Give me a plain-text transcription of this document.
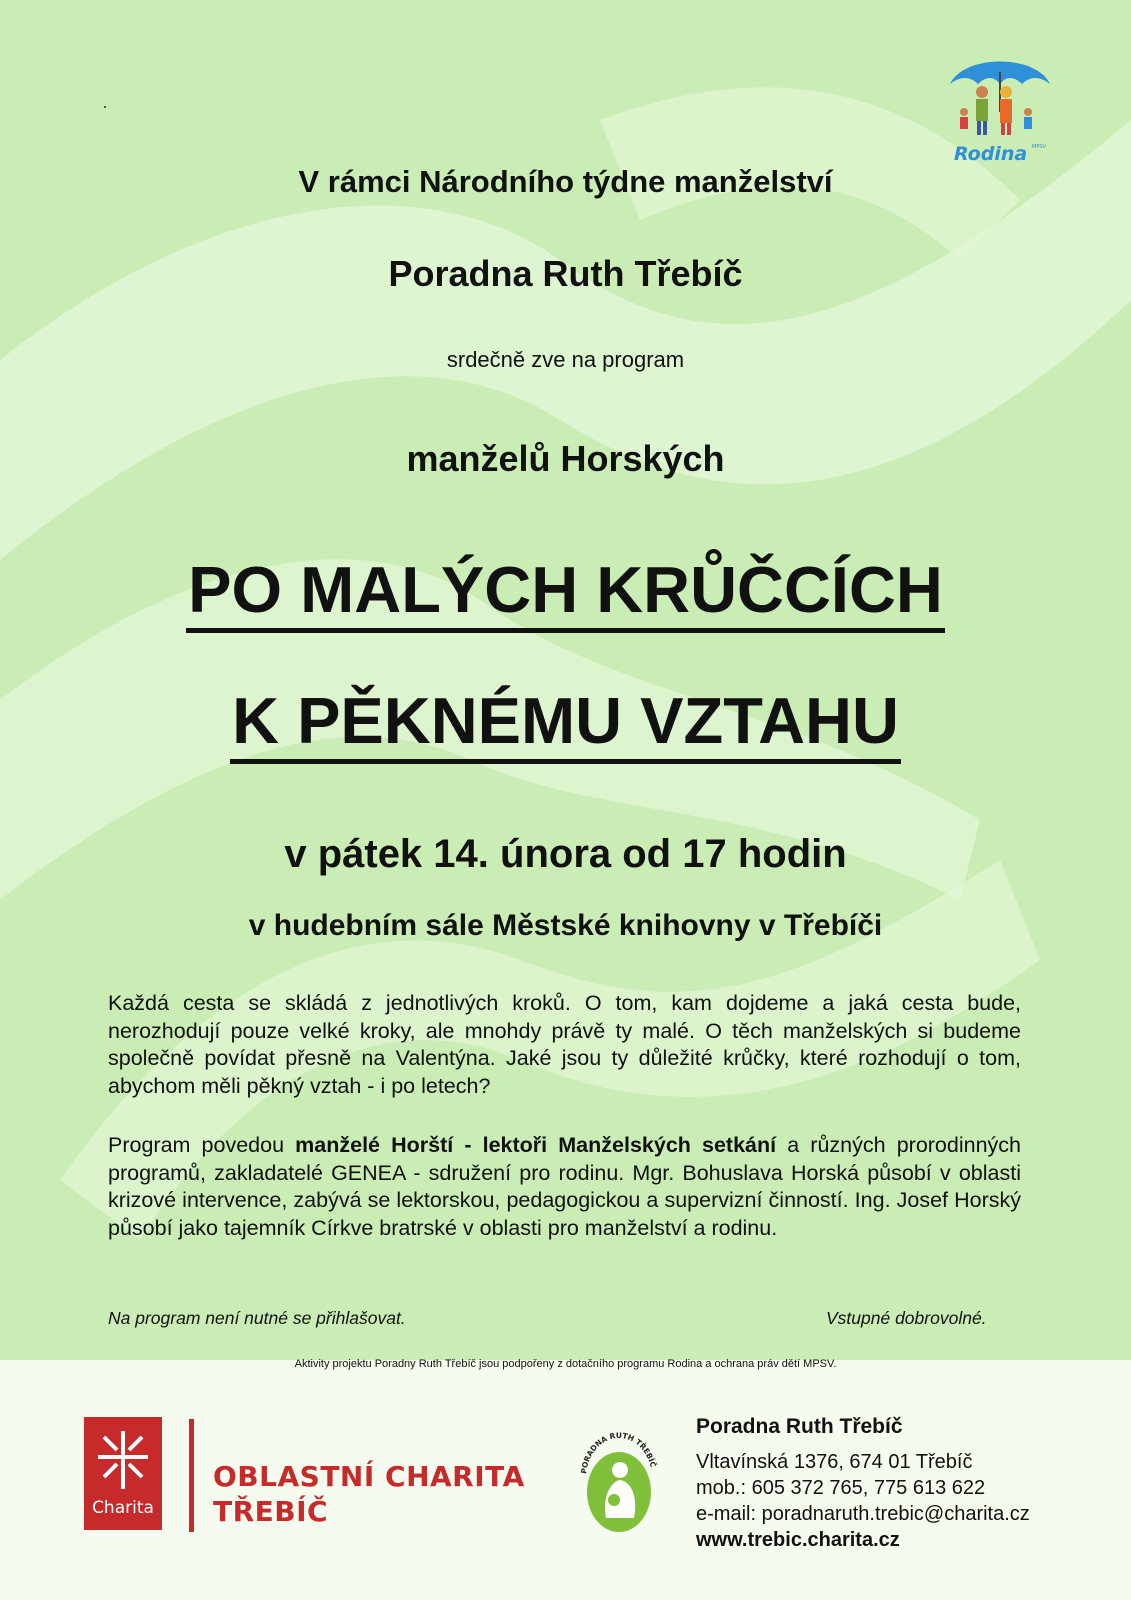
Rodina MPSV
V rámci Národního týdne manželství
Poradna Ruth Třebíč
srdečně zve na program
manželů Horských
PO MALÝCH KRŮČCÍCH
K PĚKNÉMU VZTAHU
v pátek 14. února od 17 hodin
v hudebním sále Městské knihovny v Třebíči
Každá cesta se skládá z jednotlivých kroků. O tom, kam dojdeme a jaká cesta bude, nerozhodují pouze velké kroky, ale mnohdy právě ty malé. O těch manželských si budeme společně povídat přesně na Valentýna. Jaké jsou ty důležité krůčky, které rozhodují o tom, abychom měli pěkný vztah - i po letech?
Program povedou manželé Horští - lektoři Manželských setkání a různých prorodinných programů, zakladatelé GENEA - sdružení pro rodinu. Mgr. Bohuslava Horská působí v oblasti krizové intervence, zabývá se lektorskou, pedagogickou a supervizní činností. Ing. Josef Horský působí jako tajemník Církve bratrské v oblasti pro manželství a rodinu.
Na program není nutné se přihlašovat.	Vstupné dobrovolné.
Aktivity projektu Poradny Ruth Třebíč jsou podpořeny z dotačního programu Rodina a ochrana práv dětí MPSV.
Charita
OBLASTNÍ CHARITA
TŘEBÍČ
PORADNA RUTH TŘEBÍČ
Poradna Ruth Třebíč
Vltavínská 1376, 674 01 Třebíč
mob.: 605 372 765, 775 613 622
e-mail: poradnaruth.trebic@charita.cz
www.trebic.charita.cz
